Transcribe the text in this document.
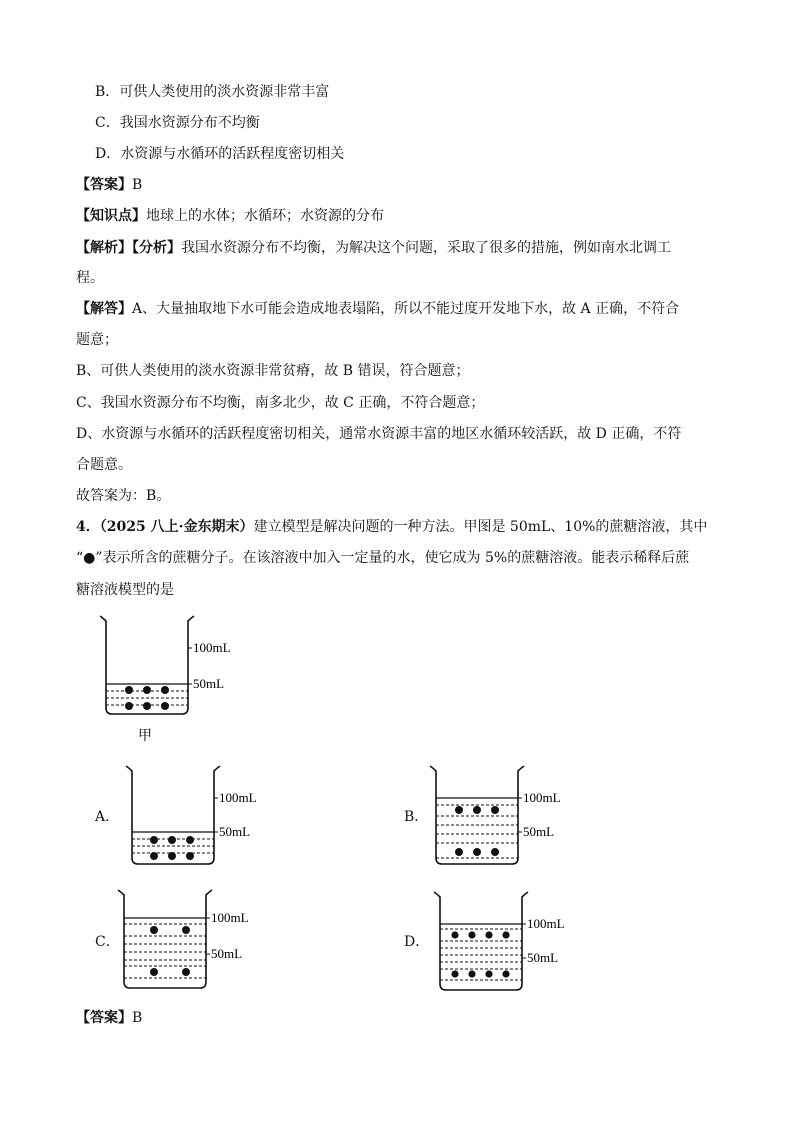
B．可供人类使用的淡水资源非常丰富
C．我国水资源分布不均衡
D．水资源与水循环的活跃程度密切相关
【答案】B
【知识点】地球上的水体；水循环；水资源的分布
【解析】【分析】我国水资源分布不均衡，为解决这个问题，采取了很多的措施，例如南水北调工
程。
【解答】A、大量抽取地下水可能会造成地表塌陷，所以不能过度开发地下水，故 A 正确，不符合
题意；
B、可供人类使用的淡水资源非常贫瘠，故 B 错误，符合题意；
C、我国水资源分布不均衡，南多北少，故 C 正确，不符合题意；
D、水资源与水循环的活跃程度密切相关，通常水资源丰富的地区水循环较活跃，故 D 正确，不符
合题意。
故答案为：B。
4．（2025 八上·金东期末）建立模型是解决问题的一种方法。甲图是 50mL、10%的蔗糖溶液，其中
“●”表示所含的蔗糖分子。在该溶液中加入一定量的水，使它成为 5%的蔗糖溶液。能表示稀释后蔗
糖溶液模型的是
100mL
50mL
甲
A．
100mL
50mL
B．
100mL
50mL
C．
100mL
50mL
D．
100mL
50mL
【答案】B
